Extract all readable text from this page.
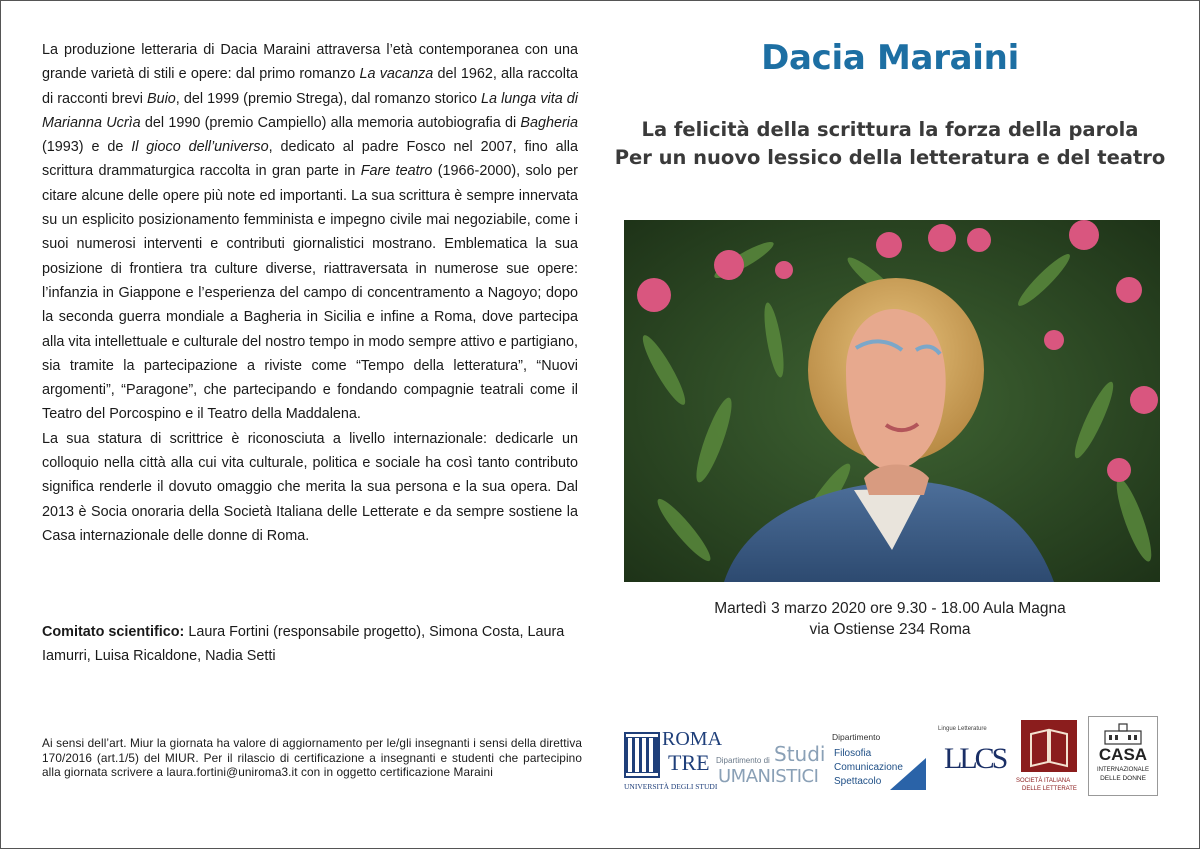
La produzione letteraria di Dacia Maraini attraversa l’età contemporanea con una grande varietà di stili e opere: dal primo romanzo La vacanza del 1962, alla raccolta di racconti brevi Buio, del 1999 (premio Strega), dal romanzo storico La lunga vita di Marianna Ucrìa del 1990 (premio Campiello) alla memoria autobiografia di Bagheria (1993) e de Il gioco dell’universo, dedicato al padre Fosco nel 2007, fino alla scrittura drammaturgica raccolta in gran parte in Fare teatro (1966-2000), solo per citare alcune delle opere più note ed importanti. La sua scrittura è sempre innervata su un esplicito posizionamento femminista e impegno civile mai negoziabile, come i suoi numerosi interventi e contributi giornalistici mostrano. Emblematica la sua posizione di frontiera tra culture diverse, riattraversata in numerose sue opere: l’infanzia in Giappone e l’esperienza del campo di concentramento a Nagoyo; dopo la seconda guerra mondiale a Bagheria in Sicilia e infine a Roma, dove partecipa alla vita intellettuale e culturale del nostro tempo in modo sempre attivo e partigiano, sia tramite la partecipazione a riviste come “Tempo della letteratura”, “Nuovi argomenti”, “Paragone”, che partecipando e fondando compagnie teatrali come il Teatro del Porcospino e il Teatro della Maddalena.

La sua statura di scrittrice è riconosciuta a livello internazionale: dedicarle un colloquio nella città alla cui vita culturale, politica e sociale ha così tanto contributo significa renderle il dovuto omaggio che merita la sua persona e la sua opera. Dal 2013 è Socia onoraria della Società Italiana delle Letterate e da sempre sostiene la Casa internazionale delle donne di Roma.

Comitato scientifico: Laura Fortini (responsabile progetto), Simona Costa, Laura Iamurri, Luisa Ricaldone, Nadia Setti

Ai sensi dell’art. Miur la giornata ha valore di aggiornamento per le/gli insegnanti i sensi della direttiva 170/2016 (art.1/5) del MIUR. Per il rilascio di certificazione a insegnanti e studenti che partecipino alla giornata scrivere a laura.fortini@uniroma3.it con in oggetto certificazione Maraini

Dacia Maraini
La felicità della scrittura la forza della parola
Per un nuovo lessico della letteratura e del teatro
Martedì 3 marzo 2020 ore 9.30 - 18.00 Aula Magna
via Ostiense 234 Roma
ROMA
TRE
UNIVERSITÀ DEGLI STUDI
Dipartimento di Studi
UMANISTICI
Dipartimento
Filosofia
Comunicazione
Spettacolo
Lingue Letterature
LLCS
SOCIETÀ ITALIANA
DELLE LETTERATE
CASA
INTERNAZIONALE
DELLE DONNE
